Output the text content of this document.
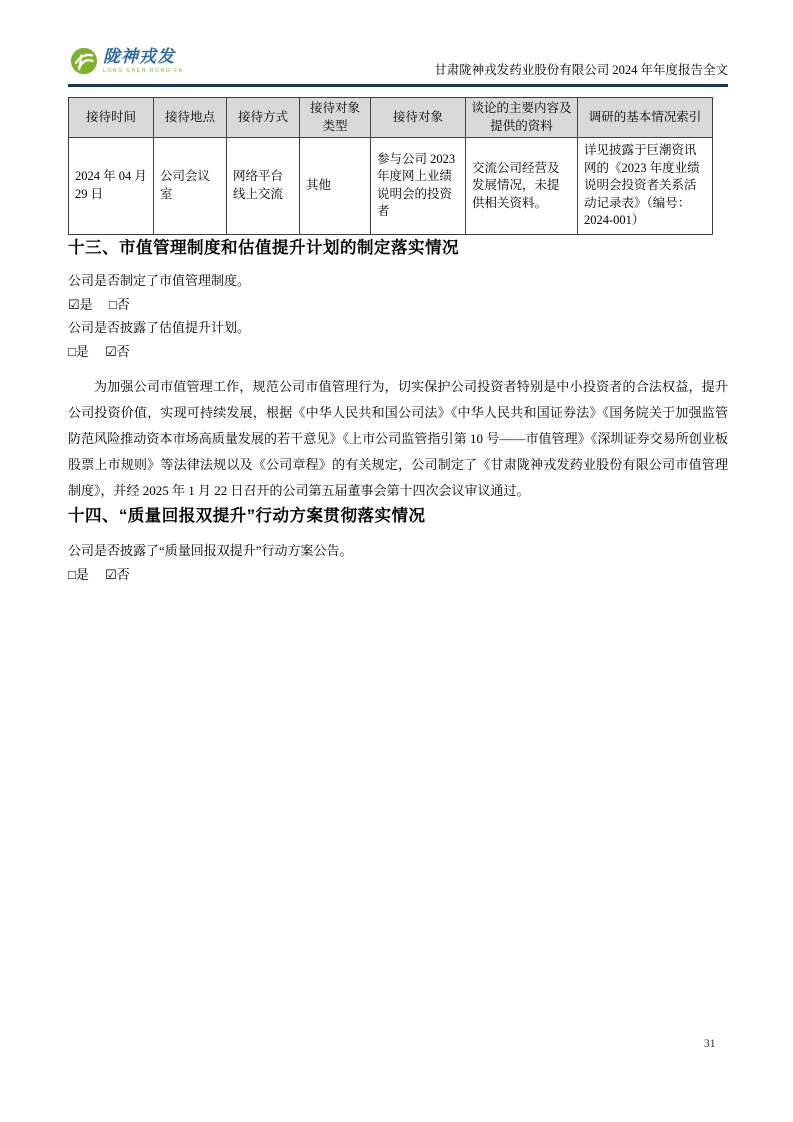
陇神戎发
LONG SHEN RONG FA	甘肃陇神戎发药业股份有限公司 2024 年年度报告全文
接待时间	接待地点	接待方式	接待对象类型	接待对象	谈论的主要内容及提供的资料	调研的基本情况索引
2024 年 04 月 29 日	公司会议室	网络平台线上交流	其他	参与公司 2023 年度网上业绩说明会的投资者	交流公司经营及发展情况，未提供相关资料。	详见披露于巨潮资讯网的《2023 年度业绩说明会投资者关系活动记录表》（编号：2024-001）
十三、市值管理制度和估值提升计划的制定落实情况
公司是否制定了市值管理制度。
☑是 □否
公司是否披露了估值提升计划。
□是 ☑否

为加强公司市值管理工作，规范公司市值管理行为，切实保护公司投资者特别是中小投资者的合法权益，提升公司投资价值，实现可持续发展，根据《中华人民共和国公司法》《中华人民共和国证券法》《国务院关于加强监管防范风险推动资本市场高质量发展的若干意见》《上市公司监管指引第 10 号——市值管理》《深圳证券交易所创业板股票上市规则》等法律法规以及《公司章程》的有关规定，公司制定了《甘肃陇神戎发药业股份有限公司市值管理制度》，并经 2025 年 1 月 22 日召开的公司第五届董事会第十四次会议审议通过。

十四、“质量回报双提升”行动方案贯彻落实情况
公司是否披露了“质量回报双提升”行动方案公告。
□是 ☑否
31
